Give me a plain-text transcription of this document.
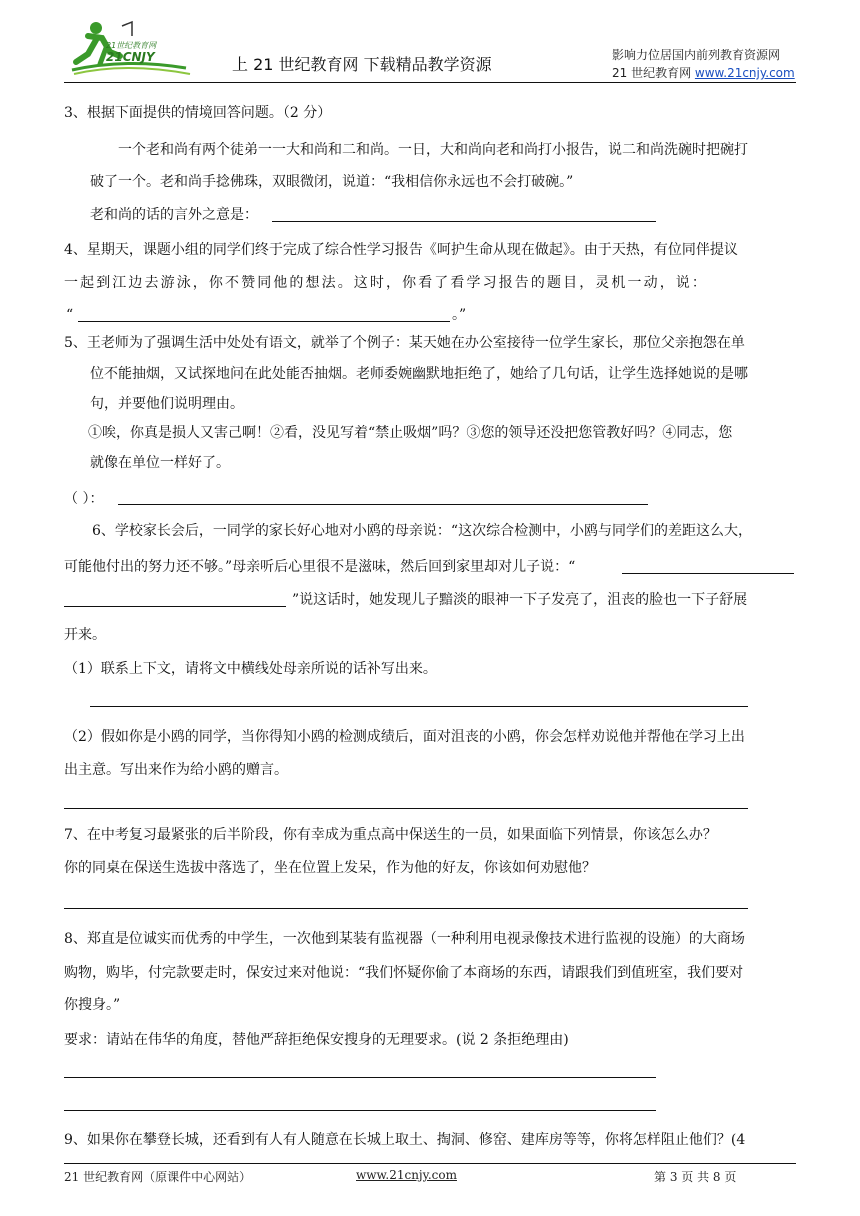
21世纪教育网
21CNJY	上 21 世纪教育网 下载精品教学资源	影响力位居国内前列教育资源网
21 世纪教育网 www.21cnjy.com
3、根据下面提供的情境回答问题。（2 分）
一个老和尚有两个徒弟一一大和尚和二和尚。一日，大和尚向老和尚打小报告，说二和尚洗碗时把碗打
破了一个。老和尚手捻佛珠，双眼微闭，说道：“我相信你永远也不会打破碗。”
老和尚的话的言外之意是：
4、星期天，课题小组的同学们终于完成了综合性学习报告《呵护生命从现在做起》。由于天热，有位同伴提议
一起到江边去游泳，你不赞同他的想法。这时，你看了看学习报告的题目，灵机一动，说：
“	。”
5、王老师为了强调生活中处处有语文，就举了个例子：某天她在办公室接待一位学生家长，那位父亲抱怨在单
位不能抽烟，又试探地问在此处能否抽烟。老师委婉幽默地拒绝了，她给了几句话，让学生选择她说的是哪
句，并要他们说明理由。
①唉，你真是损人又害己啊！②看，没见写着“禁止吸烟”吗？③您的领导还没把您管教好吗？④同志，您
就像在单位一样好了。
（ ）：
6、学校家长会后，一同学的家长好心地对小鸥的母亲说：“这次综合检测中，小鸥与同学们的差距这么大，
可能他付出的努力还不够。”母亲听后心里很不是滋味，然后回到家里却对儿子说：“
”说这话时，她发现儿子黯淡的眼神一下子发亮了，沮丧的脸也一下子舒展
开来。
（1）联系上下文，请将文中横线处母亲所说的话补写出来。
（2）假如你是小鸥的同学，当你得知小鸥的检测成绩后，面对沮丧的小鸥，你会怎样劝说他并帮他在学习上出
出主意。写出来作为给小鸥的赠言。
7、在中考复习最紧张的后半阶段，你有幸成为重点高中保送生的一员，如果面临下列情景，你该怎么办？
你的同桌在保送生选拔中落选了，坐在位置上发呆，作为他的好友，你该如何劝慰他？
8、郑直是位诚实而优秀的中学生，一次他到某装有监视器（一种利用电视录像技术进行监视的设施）的大商场
购物，购毕，付完款要走时，保安过来对他说：“我们怀疑你偷了本商场的东西，请跟我们到值班室，我们要对
你搜身。”
要求：请站在伟华的角度，替他严辞拒绝保安搜身的无理要求。(说 2 条拒绝理由)
9、如果你在攀登长城，还看到有人有人随意在长城上取土、掏洞、修窑、建库房等等，你将怎样阻止他们？(4
21 世纪教育网（原课件中心网站）	www.21cnjy.com	第 3 页 共 8 页
